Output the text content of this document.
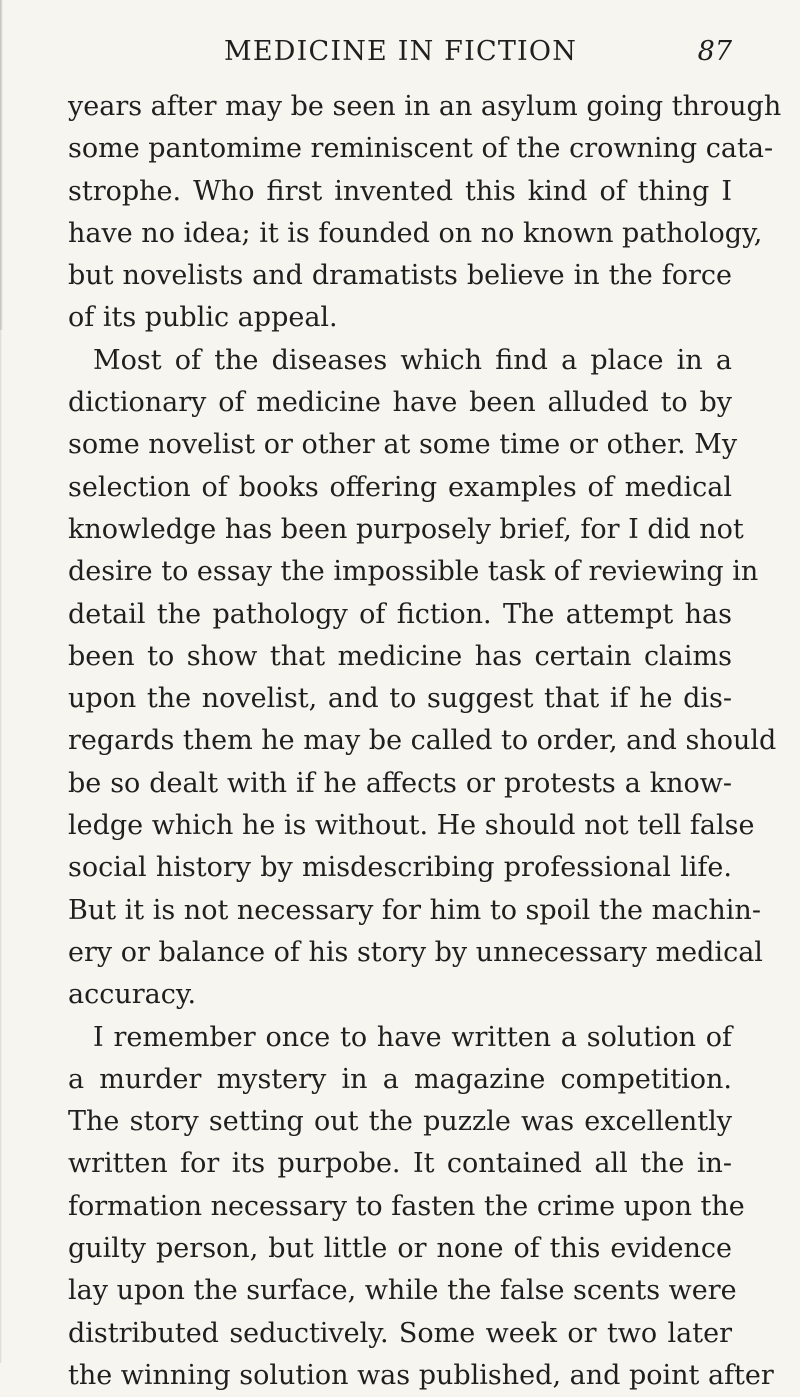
MEDICINE IN FICTION	87
years after may be seen in an asylum going through
some pantomime reminiscent of the crowning cata-
strophe. Who first invented this kind of thing I
have no idea; it is founded on no known pathology,
but novelists and dramatists believe in the force
of its public appeal.
Most of the diseases which find a place in a
dictionary of medicine have been alluded to by
some novelist or other at some time or other. My
selection of books offering examples of medical
knowledge has been purposely brief, for I did not
desire to essay the impossible task of reviewing in
detail the pathology of fiction. The attempt has
been to show that medicine has certain claims
upon the novelist, and to suggest that if he dis-
regards them he may be called to order, and should
be so dealt with if he affects or protests a know-
ledge which he is without. He should not tell false
social history by misdescribing professional life.
But it is not necessary for him to spoil the machin-
ery or balance of his story by unnecessary medical
accuracy.
I remember once to have written a solution of
a murder mystery in a magazine competition.
The story setting out the puzzle was excellently
written for its purpobe. It contained all the in-
formation necessary to fasten the crime upon the
guilty person, but little or none of this evidence
lay upon the surface, while the false scents were
distributed seductively. Some week or two later
the winning solution was published, and point after
